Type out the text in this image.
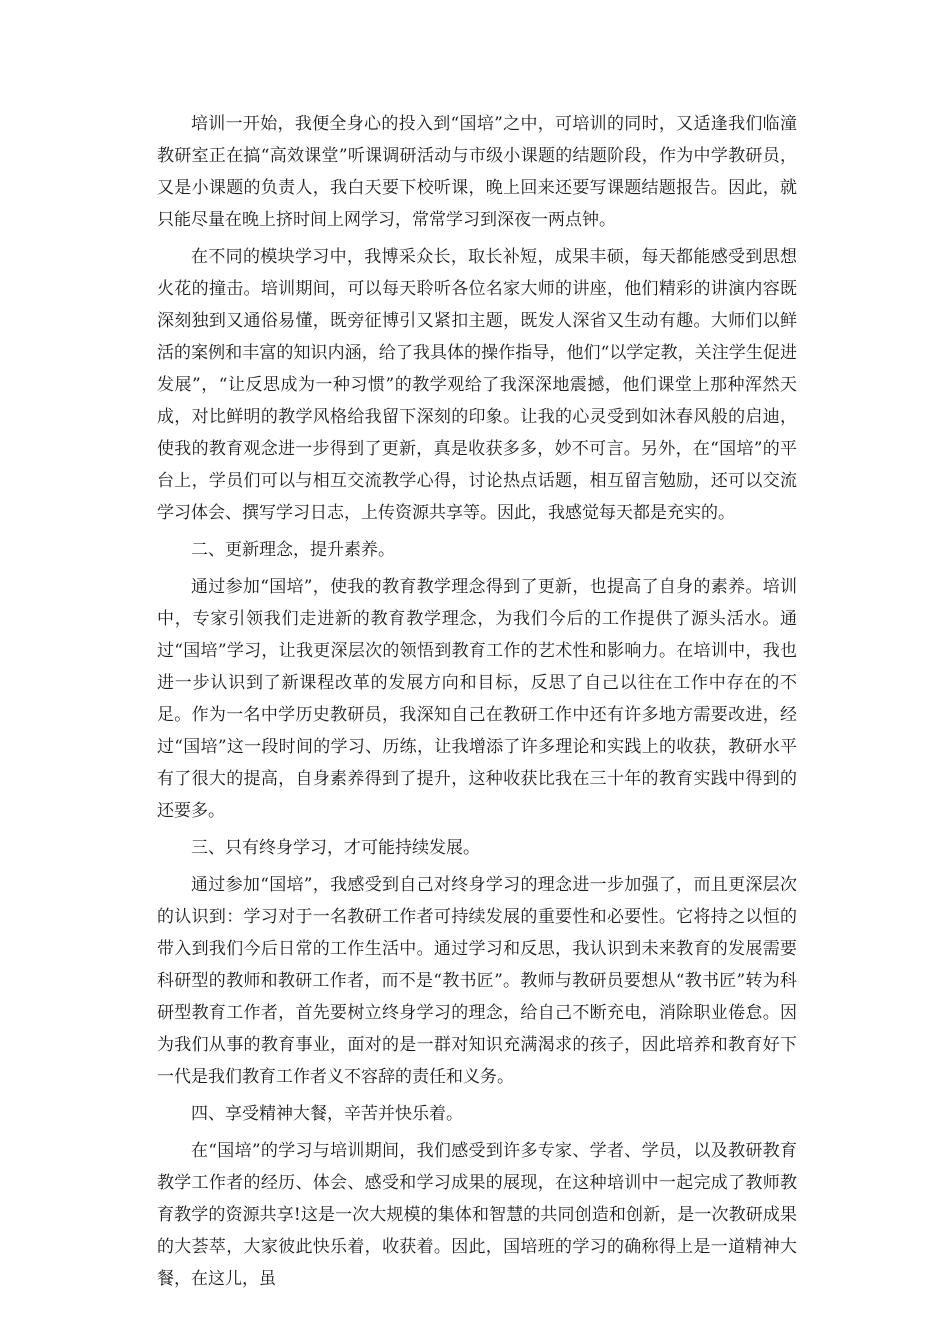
培训一开始，我便全身心的投入到“国培”之中，可培训的同时，又适逢我们临潼教研室正在搞“高效课堂”听课调研活动与市级小课题的结题阶段，作为中学教研员，又是小课题的负责人，我白天要下校听课，晚上回来还要写课题结题报告。因此，就只能尽量在晚上挤时间上网学习，常常学习到深夜一两点钟。

在不同的模块学习中，我博采众长，取长补短，成果丰硕，每天都能感受到思想火花的撞击。培训期间，可以每天聆听各位名家大师的讲座，他们精彩的讲演内容既深刻独到又通俗易懂，既旁征博引又紧扣主题，既发人深省又生动有趣。大师们以鲜活的案例和丰富的知识内涵，给了我具体的操作指导，他们“以学定教，关注学生促进发展”，“让反思成为一种习惯”的教学观给了我深深地震撼，他们课堂上那种浑然天成，对比鲜明的教学风格给我留下深刻的印象。让我的心灵受到如沐春风般的启迪，使我的教育观念进一步得到了更新，真是收获多多，妙不可言。另外，在“国培”的平台上，学员们可以与相互交流教学心得，讨论热点话题，相互留言勉励，还可以交流学习体会、撰写学习日志，上传资源共享等。因此，我感觉每天都是充实的。

二、更新理念，提升素养。

通过参加“国培”，使我的教育教学理念得到了更新，也提高了自身的素养。培训中，专家引领我们走进新的教育教学理念，为我们今后的工作提供了源头活水。通过“国培”学习，让我更深层次的领悟到教育工作的艺术性和影响力。在培训中，我也进一步认识到了新课程改革的发展方向和目标，反思了自己以往在工作中存在的不足。作为一名中学历史教研员，我深知自己在教研工作中还有许多地方需要改进，经过“国培”这一段时间的学习、历练，让我增添了许多理论和实践上的收获，教研水平有了很大的提高，自身素养得到了提升，这种收获比我在三十年的教育实践中得到的还要多。

三、只有终身学习，才可能持续发展。

通过参加“国培”，我感受到自己对终身学习的理念进一步加强了，而且更深层次的认识到：学习对于一名教研工作者可持续发展的重要性和必要性。它将持之以恒的带入到我们今后日常的工作生活中。通过学习和反思，我认识到未来教育的发展需要科研型的教师和教研工作者，而不是“教书匠”。教师与教研员要想从“教书匠”转为科研型教育工作者，首先要树立终身学习的理念，给自己不断充电，消除职业倦怠。因为我们从事的教育事业，面对的是一群对知识充满渴求的孩子，因此培养和教育好下一代是我们教育工作者义不容辞的责任和义务。

四、享受精神大餐，辛苦并快乐着。

在“国培”的学习与培训期间，我们感受到许多专家、学者、学员，以及教研教育教学工作者的经历、体会、感受和学习成果的展现，在这种培训中一起完成了教师教育教学的资源共享!这是一次大规模的集体和智慧的共同创造和创新，是一次教研成果的大荟萃，大家彼此快乐着，收获着。因此，国培班的学习的确称得上是一道精神大餐，在这儿，虽
